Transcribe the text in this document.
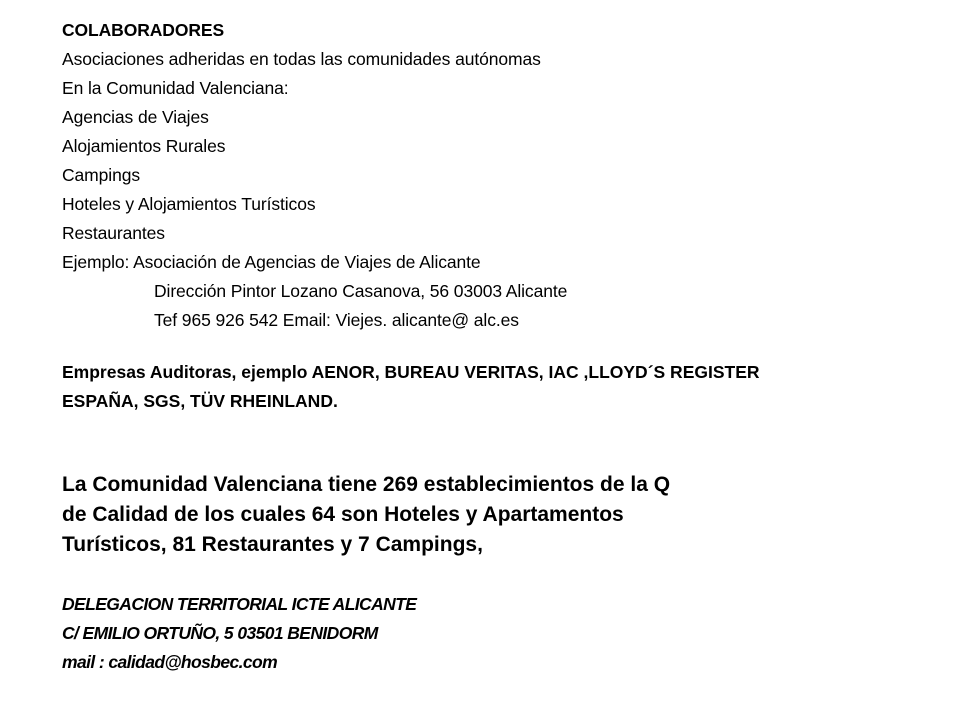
COLABORADORES
Asociaciones adheridas en todas las comunidades autónomas
En la Comunidad Valenciana:
Agencias de Viajes
Alojamientos Rurales
Campings
Hoteles y Alojamientos Turísticos
Restaurantes
Ejemplo: Asociación de Agencias de Viajes de Alicante
Dirección Pintor Lozano Casanova, 56 03003 Alicante
Tef 965 926 542 Email: Viejes. alicante@ alc.es
Empresas Auditoras, ejemplo AENOR, BUREAU VERITAS, IAC ,LLOYD´S REGISTER
ESPAÑA, SGS, TÜV RHEINLAND.
La Comunidad Valenciana tiene 269 establecimientos de la Q
de Calidad de los cuales 64 son Hoteles y Apartamentos
Turísticos, 81 Restaurantes y 7 Campings,
DELEGACION TERRITORIAL ICTE ALICANTE
C/ EMILIO ORTUÑO, 5 03501 BENIDORM
mail : calidad@hosbec.com
